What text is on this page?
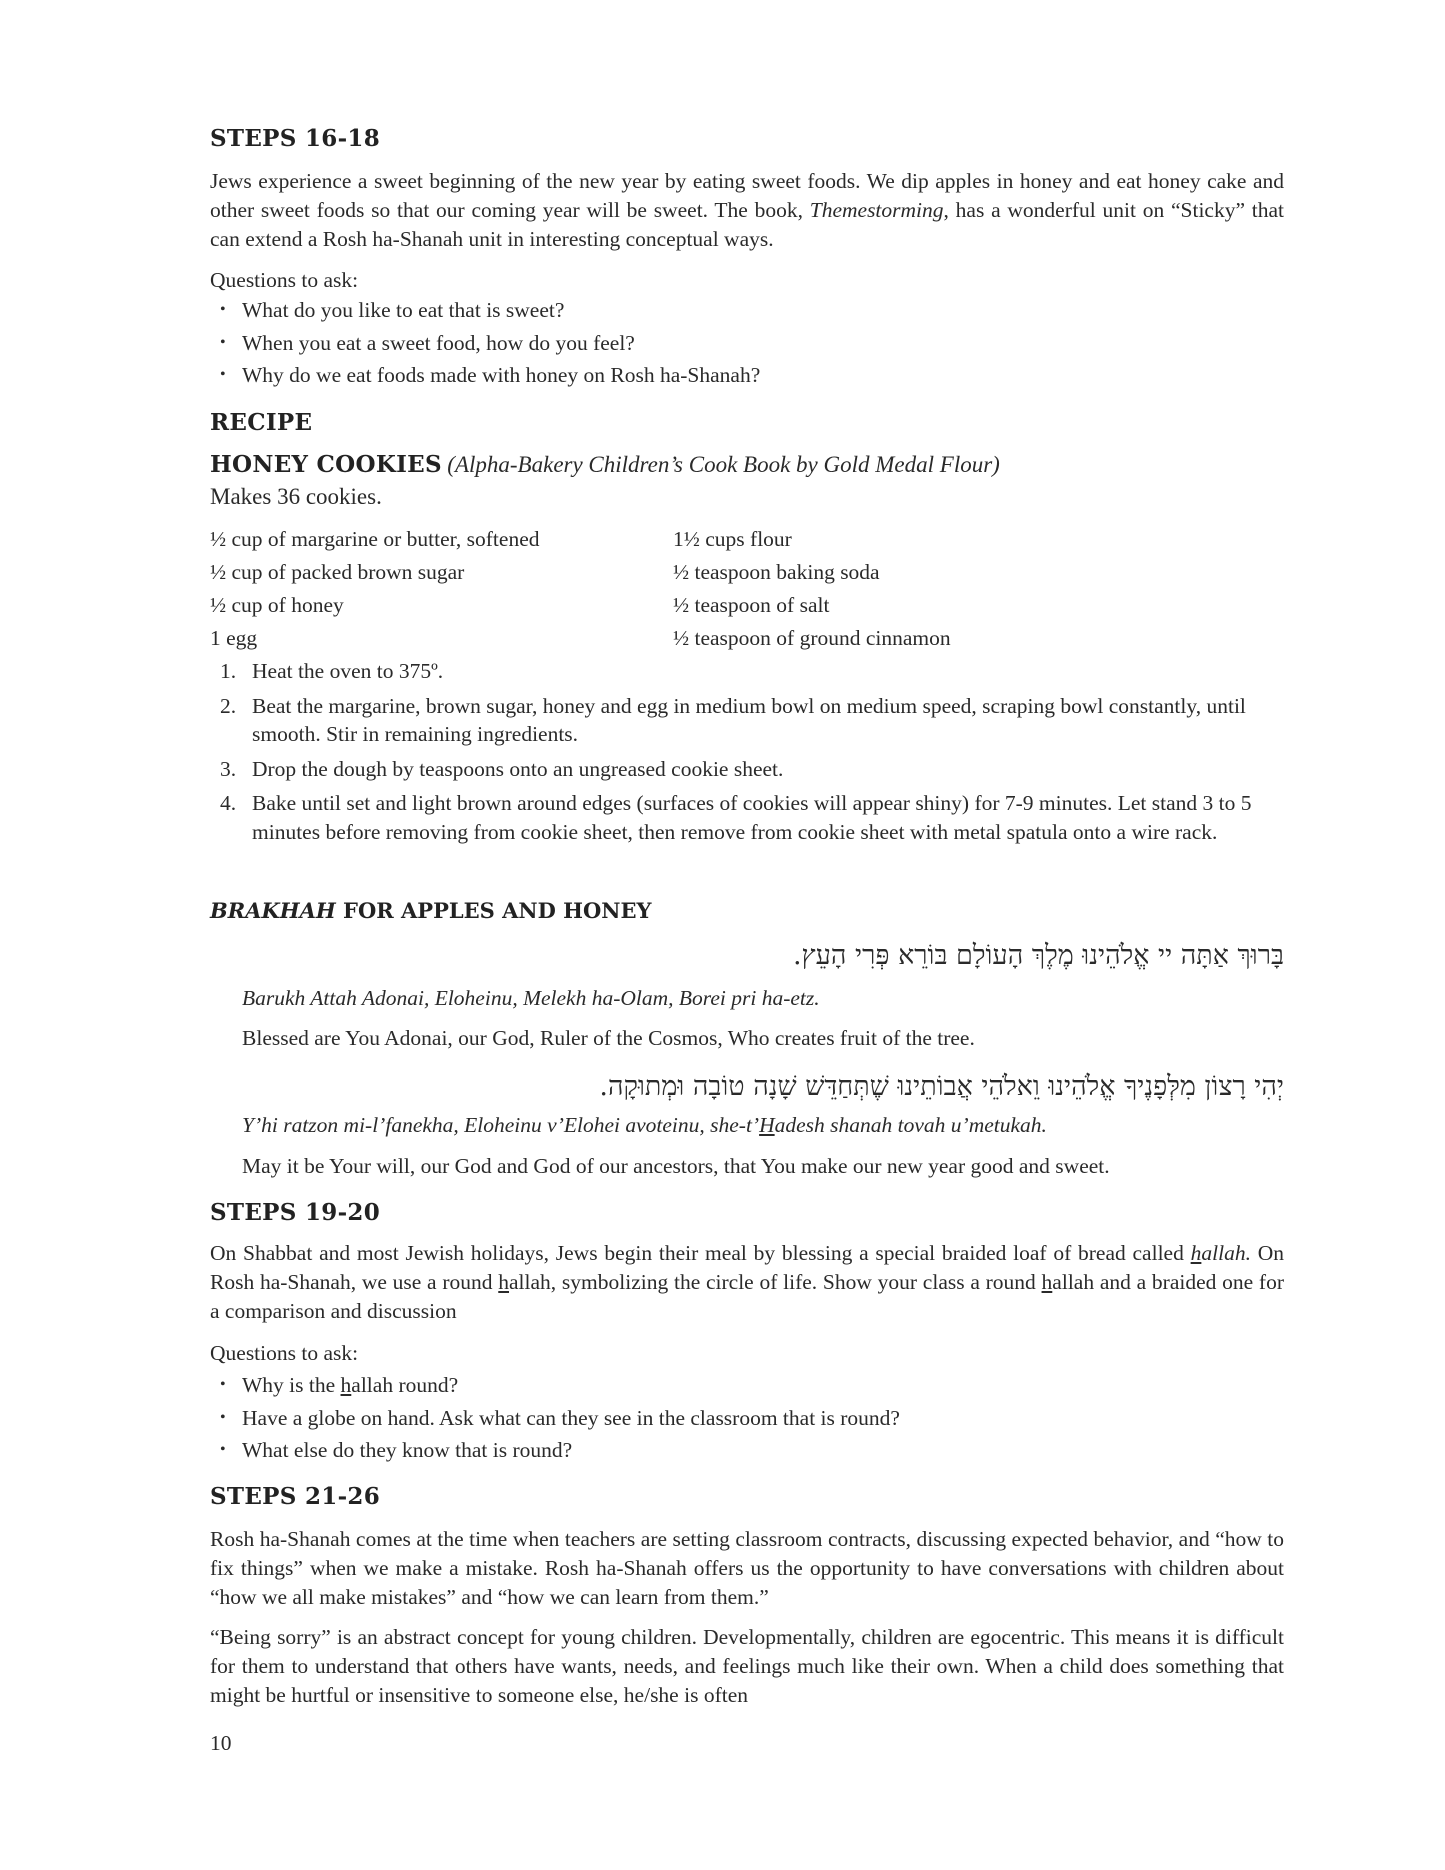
STEPS 16-18

Jews experience a sweet beginning of the new year by eating sweet foods. We dip apples in honey and eat honey cake and other sweet foods so that our coming year will be sweet. The book, Themestorming, has a wonderful unit on “Sticky” that can extend a Rosh ha-Shanah unit in interesting conceptual ways.

Questions to ask:
• What do you like to eat that is sweet?
• When you eat a sweet food, how do you feel?
• Why do we eat foods made with honey on Rosh ha-Shanah?
RECIPE
HONEY COOKIES (Alpha-Bakery Children’s Cook Book by Gold Medal Flour)
Makes 36 cookies.
½ cup of margarine or butter, softened	1½ cups flour
½ cup of packed brown sugar	½ teaspoon baking soda
½ cup of honey	½ teaspoon of salt
1 egg	½ teaspoon of ground cinnamon
1. Heat the oven to 375º.
2. Beat the margarine, brown sugar, honey and egg in medium bowl on medium speed, scraping bowl constantly, until smooth. Stir in remaining ingredients.
3. Drop the dough by teaspoons onto an ungreased cookie sheet.
4. Bake until set and light brown around edges (surfaces of cookies will appear shiny) for 7-9 minutes. Let stand 3 to 5 minutes before removing from cookie sheet, then remove from cookie sheet with metal spatula onto a wire rack.
BRAKHAH FOR APPLES AND HONEY
בָּרוּךְ אַתָּה יי אֱלֹהֵינוּ מֶלֶךְ הָעוֹלָם בּוֹרֵא פְּרִי הָעֵץ.
Barukh Attah Adonai, Eloheinu, Melekh ha-Olam, Borei pri ha-etz.
Blessed are You Adonai, our God, Ruler of the Cosmos, Who creates fruit of the tree.
יְהִי רָצוֹן מִלְּפָנֶיךָ אֱלֹהֵינוּ וֵאלֹהֵי אֲבוֹתֵינוּ שֶׁתְּחַדֵּשׁ שָׁנָה טוֹבָה וּמְתוּקָה.
Y’hi ratzon mi-l’fanekha, Eloheinu v’Elohei avoteinu, she-t’Hadesh shanah tovah u’metukah.
May it be Your will, our God and God of our ancestors, that You make our new year good and sweet.
STEPS 19-20

On Shabbat and most Jewish holidays, Jews begin their meal by blessing a special braided loaf of bread called hallah. On Rosh ha-Shanah, we use a round hallah, symbolizing the circle of life. Show your class a round hallah and a braided one for a comparison and discussion

Questions to ask:
• Why is the hallah round?
• Have a globe on hand. Ask what can they see in the classroom that is round?
• What else do they know that is round?
STEPS 21-26

Rosh ha-Shanah comes at the time when teachers are setting classroom contracts, discussing expected behavior, and “how to fix things” when we make a mistake. Rosh ha-Shanah offers us the opportunity to have conversations with children about “how we all make mistakes” and “how we can learn from them.”

“Being sorry” is an abstract concept for young children. Developmentally, children are egocentric. This means it is difficult for them to understand that others have wants, needs, and feelings much like their own. When a child does something that might be hurtful or insensitive to someone else, he/she is often

10
